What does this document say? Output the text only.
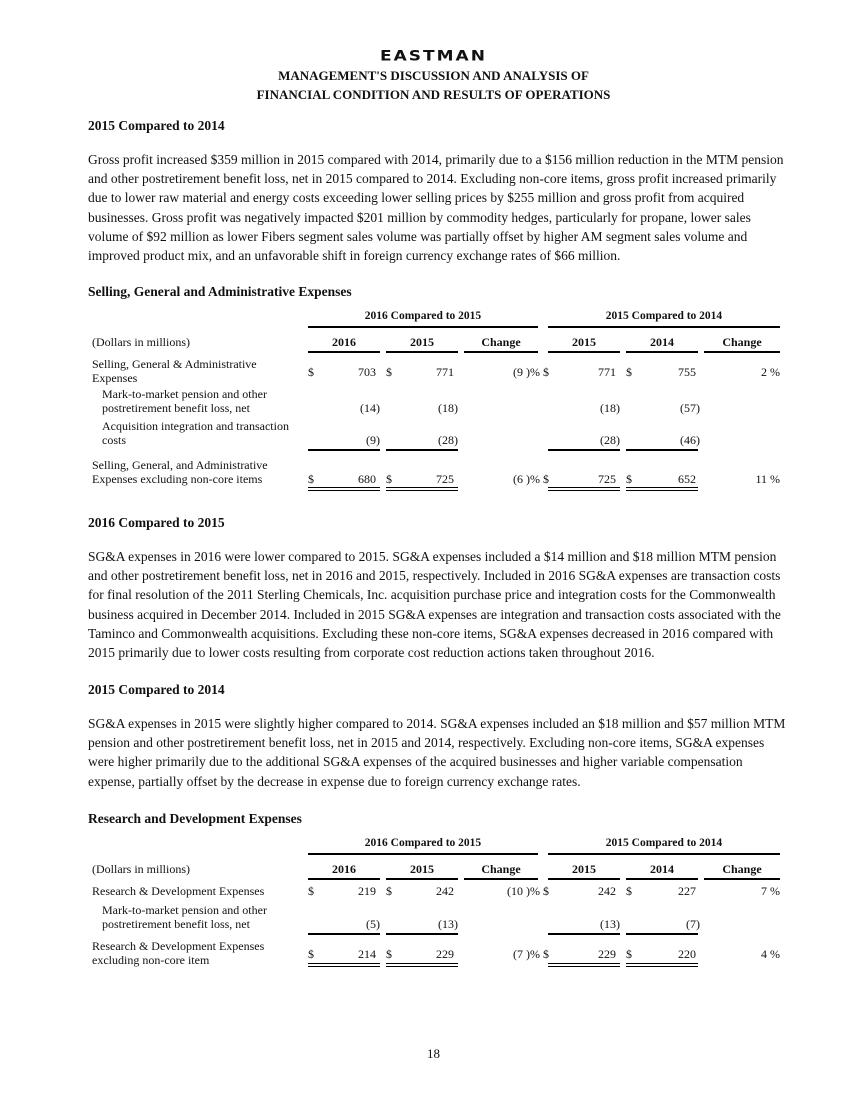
EASTMAN
MANAGEMENT'S DISCUSSION AND ANALYSIS OF
FINANCIAL CONDITION AND RESULTS OF OPERATIONS
2015 Compared to 2014

Gross profit increased $359 million in 2015 compared with 2014, primarily due to a $156 million reduction in the MTM pension and other postretirement benefit loss, net in 2015 compared to 2014. Excluding non-core items, gross profit increased primarily due to lower raw material and energy costs exceeding lower selling prices by $255 million and gross profit from acquired businesses. Gross profit was negatively impacted $201 million by commodity hedges, particularly for propane, lower sales volume of $92 million as lower Fibers segment sales volume was partially offset by higher AM segment sales volume and improved product mix, and an unfavorable shift in foreign currency exchange rates of $66 million.

Selling, General and Administrative Expenses
2016 Compared to 2015	2015 Compared to 2014
(Dollars in millions)	2016	2015	Change	2015	2014	Change
Selling, General & Administrative
Expenses	$	703 $	771	(9 )% $	771 $	755	2 %
Mark-to-market pension and other
postretirement benefit loss, net	(14)	(18)	(18)	(57)
Acquisition integration and transaction
costs	(9)	(28)	(28)	(46)
Selling, General, and Administrative
Expenses excluding non-core items	$	680 $	725	(6 )% $	725 $	652	11 %
2016 Compared to 2015

SG&A expenses in 2016 were lower compared to 2015. SG&A expenses included a $14 million and $18 million MTM pension and other postretirement benefit loss, net in 2016 and 2015, respectively. Included in 2016 SG&A expenses are transaction costs for final resolution of the 2011 Sterling Chemicals, Inc. acquisition purchase price and integration costs for the Commonwealth business acquired in December 2014. Included in 2015 SG&A expenses are integration and transaction costs associated with the Taminco and Commonwealth acquisitions. Excluding these non-core items, SG&A expenses decreased in 2016 compared with 2015 primarily due to lower costs resulting from corporate cost reduction actions taken throughout 2016.

2015 Compared to 2014

SG&A expenses in 2015 were slightly higher compared to 2014. SG&A expenses included an $18 million and $57 million MTM pension and other postretirement benefit loss, net in 2015 and 2014, respectively. Excluding non-core items, SG&A expenses were higher primarily due to the additional SG&A expenses of the acquired businesses and higher variable compensation expense, partially offset by the decrease in expense due to foreign currency exchange rates.

Research and Development Expenses
2016 Compared to 2015	2015 Compared to 2014
(Dollars in millions)	2016	2015	Change	2015	2014	Change
Research & Development Expenses	$	219 $	242	(10 )% $	242 $	227	7 %
Mark-to-market pension and other
postretirement benefit loss, net	(5)	(13)	(13)	(7)
Research & Development Expenses
excluding non-core item	$	214 $	229	(7 )% $	229 $	220	4 %
18
